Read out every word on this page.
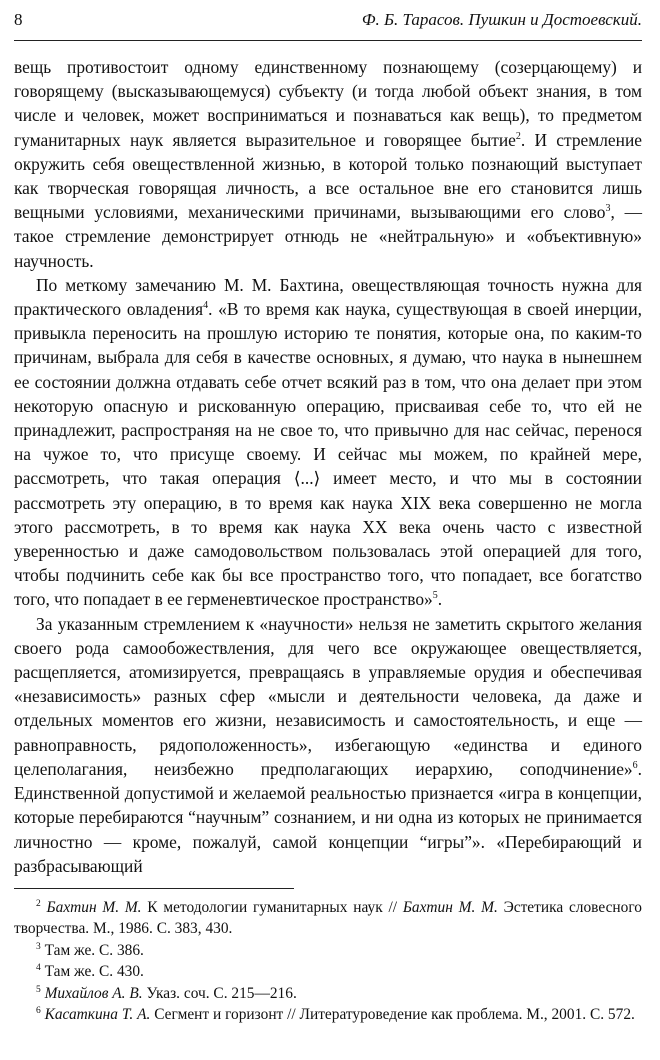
8	Ф. Б. Тарасов. Пушкин и Достоевский.

вещь противостоит одному единственному познающему (созерцающему) и говорящему (высказывающемуся) субъекту (и тогда любой объект знания, в том числе и человек, может восприниматься и познаваться как вещь), то предметом гуманитарных наук является выразительное и говорящее бытие$^2$. И стремление окружить себя овеществленной жизнью, в которой только познающий выступает как творческая говорящая личность, а все остальное вне его становится лишь вещными условиями, механическими причинами, вызывающими его слово$^3$, — такое стремление демонстрирует отнюдь не «нейтральную» и «объективную» научность.

По меткому замечанию М. М. Бахтина, овеществляющая точность нужна для практического овладения$^4$. «В то время как наука, существующая в своей инерции, привыкла переносить на прошлую историю те понятия, которые она, по каким-то причинам, выбрала для себя в качестве основных, я думаю, что наука в нынешнем ее состоянии должна отдавать себе отчет всякий раз в том, что она делает при этом некоторую опасную и рискованную операцию, присваивая себе то, что ей не принадлежит, распространяя на не свое то, что привычно для нас сейчас, перенося на чужое то, что присуще своему. И сейчас мы можем, по крайней мере, рассмотреть, что такая операция ⟨...⟩ имеет место, и что мы в состоянии рассмотреть эту операцию, в то время как наука XIX века совершенно не могла этого рассмотреть, в то время как наука XX века очень часто с известной уверенностью и даже самодовольством пользовалась этой операцией для того, чтобы подчинить себе как бы все пространство того, что попадает, все богатство того, что попадает в ее герменевтическое пространство»$^5$.

За указанным стремлением к «научности» нельзя не заметить скрытого желания своего рода самообожествления, для чего все окружающее овеществляется, расщепляется, атомизируется, превращаясь в управляемые орудия и обеспечивая «независимость» разных сфер «мысли и деятельности человека, да даже и отдельных моментов его жизни, независимость и самостоятельность, и еще — равноправность, рядоположенность», избегающую «единства и единого целеполагания, неизбежно предполагающих иерархию, соподчинение»$^6$. Единственной допустимой и желаемой реальностью признается «игра в концепции, которые перебираются “научным” сознанием, и ни одна из которых не принимается личностно — кроме, пожалуй, самой концепции “игры”». «Перебирающий и разбрасывающий

$^2$ Бахтин М. М. К методологии гуманитарных наук // Бахтин М. М. Эстетика словесного творчества. М., 1986. С. 383, 430.

$^3$ Там же. С. 386.

$^4$ Там же. С. 430.

$^5$ Михайлов А. В. Указ. соч. С. 215—216.

$^6$ Касаткина Т. А. Сегмент и горизонт // Литературоведение как проблема. М., 2001. С. 572.
